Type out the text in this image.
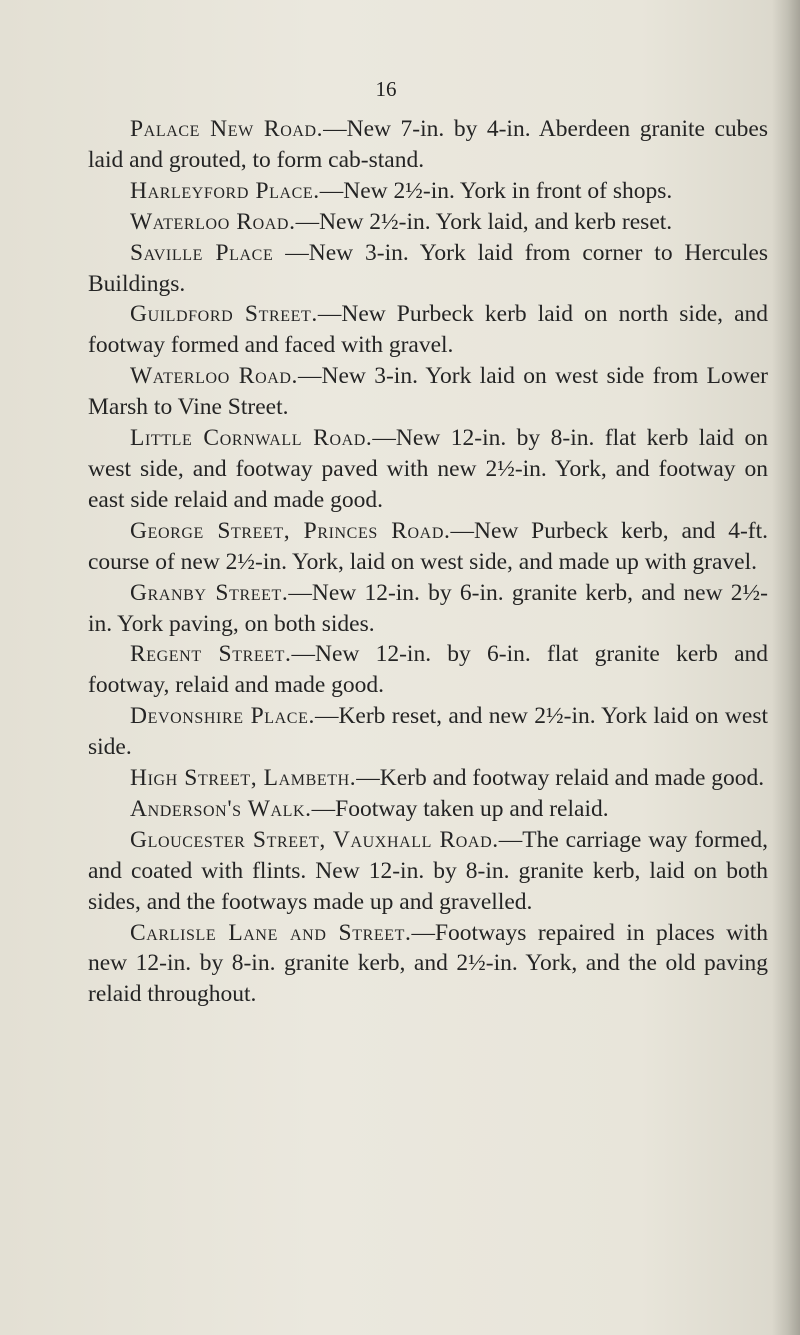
16

Palace New Road.—New 7-in. by 4-in. Aberdeen granite cubes laid and grouted, to form cab-stand.

Harleyford Place.—New 2½-in. York in front of shops.

Waterloo Road.—New 2½-in. York laid, and kerb reset.

Saville Place —New 3-in. York laid from corner to Hercules Buildings.

Guildford Street.—New Purbeck kerb laid on north side, and footway formed and faced with gravel.

Waterloo Road.—New 3-in. York laid on west side from Lower Marsh to Vine Street.

Little Cornwall Road.—New 12-in. by 8-in. flat kerb laid on west side, and footway paved with new 2½-in. York, and footway on east side relaid and made good.

George Street, Princes Road.—New Purbeck kerb, and 4-ft. course of new 2½-in. York, laid on west side, and made up with gravel.

Granby Street.—New 12-in. by 6-in. granite kerb, and new 2½-in. York paving, on both sides.

Regent Street.—New 12-in. by 6-in. flat granite kerb and footway, relaid and made good.

Devonshire Place.—Kerb reset, and new 2½-in. York laid on west side.

High Street, Lambeth.—Kerb and footway relaid and made good.

Anderson's Walk.—Footway taken up and relaid.

Gloucester Street, Vauxhall Road.—The carriage way formed, and coated with flints. New 12-in. by 8-in. granite kerb, laid on both sides, and the footways made up and gravelled.

Carlisle Lane and Street.—Footways repaired in places with new 12-in. by 8-in. granite kerb, and 2½-in. York, and the old paving relaid throughout.
